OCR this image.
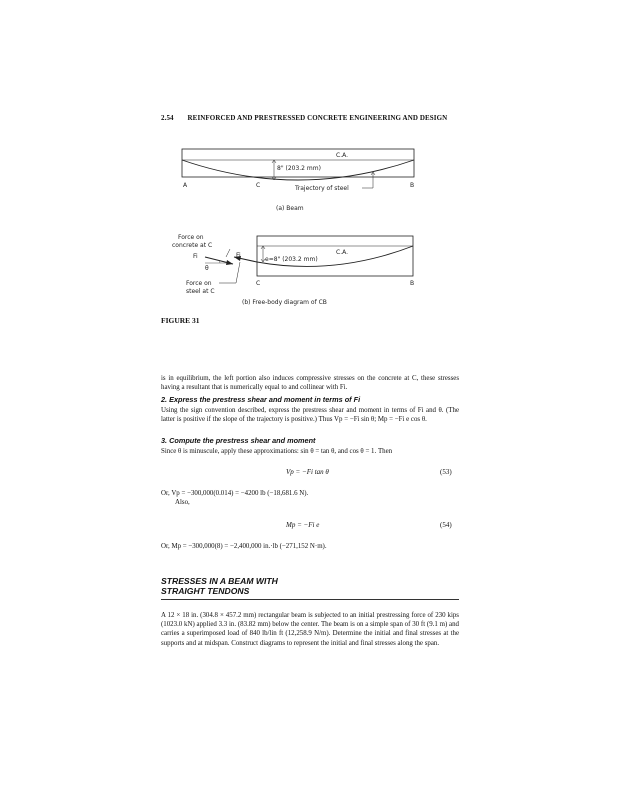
2.54 REINFORCED AND PRESTRESSED CONCRETE ENGINEERING AND DESIGN
C.A.
8" (203.2 mm)
A	C	B
Trajectory of steel
(a) Beam
C.A.
e=8" (203.2 mm)
C	B
Force on
concrete at C
Fi	Fi
θ
Force on
steel at C
(b) Free-body diagram of CB
FIGURE 31
is in equilibrium, the left portion also induces compressive stresses on the concrete at C, these stresses having a resultant that is numerically equal to and collinear with Fi.
2. Express the prestress shear and moment in terms of Fi
Using the sign convention described, express the prestress shear and moment in terms of Fi and θ. (The latter is positive if the slope of the trajectory is positive.) Thus Vp = −Fi sin θ; Mp = −Fi e cos θ.
3. Compute the prestress shear and moment
Since θ is minuscule, apply these approximations: sin θ = tan θ, and cos θ = 1. Then
Vp = −Fi tan θ	(53)
Or, Vp = −300,000(0.014) = −4200 lb (−18,681.6 N).
Also,
Mp = −Fi e	(54)
Or, Mp = −300,000(8) = −2,400,000 in.·lb (−271,152 N·m).
STRESSES IN A BEAM WITH
STRAIGHT TENDONS
A 12 × 18 in. (304.8 × 457.2 mm) rectangular beam is subjected to an initial prestressing force of 230 kips (1023.0 kN) applied 3.3 in. (83.82 mm) below the center. The beam is on a simple span of 30 ft (9.1 m) and carries a superimposed load of 840 lb/lin ft (12,258.9 N/m). Determine the initial and final stresses at the supports and at midspan. Construct diagrams to represent the initial and final stresses along the span.
